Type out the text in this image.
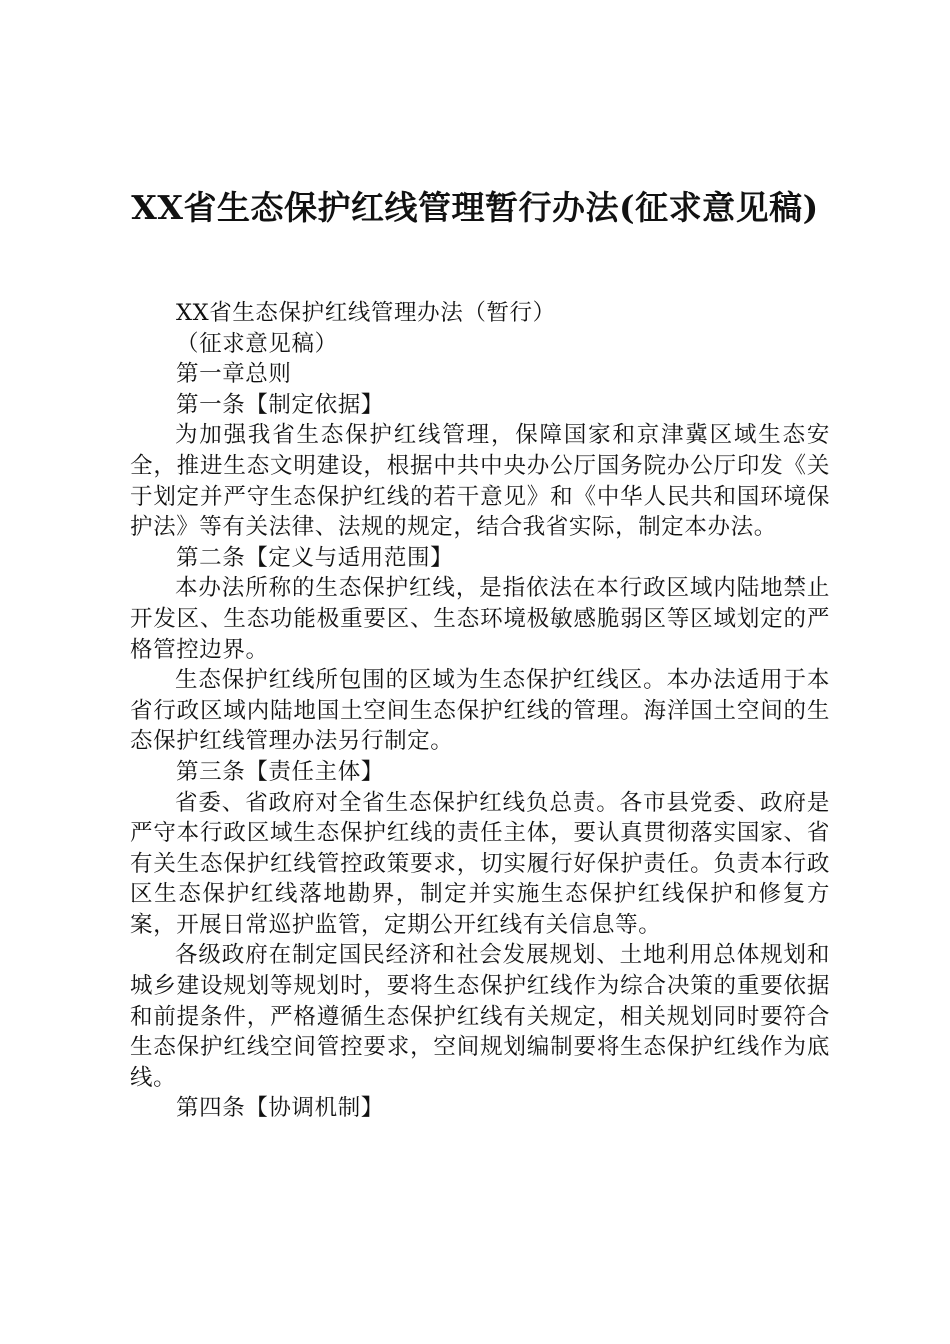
XX省生态保护红线管理暂行办法(征求意见稿)

XX省生态保护红线管理办法（暂行）

（征求意见稿）

第一章总则

第一条【制定依据】

为加强我省生态保护红线管理，保障国家和京津冀区域生态安全，推进生态文明建设，根据中共中央办公厅国务院办公厅印发《关于划定并严守生态保护红线的若干意见》和《中华人民共和国环境保护法》等有关法律、法规的规定，结合我省实际，制定本办法。

第二条【定义与适用范围】

本办法所称的生态保护红线，是指依法在本行政区域内陆地禁止开发区、生态功能极重要区、生态环境极敏感脆弱区等区域划定的严格管控边界。

生态保护红线所包围的区域为生态保护红线区。本办法适用于本省行政区域内陆地国土空间生态保护红线的管理。海洋国土空间的生态保护红线管理办法另行制定。

第三条【责任主体】

省委、省政府对全省生态保护红线负总责。各市县党委、政府是严守本行政区域生态保护红线的责任主体，要认真贯彻落实国家、省有关生态保护红线管控政策要求，切实履行好保护责任。负责本行政区生态保护红线落地勘界，制定并实施生态保护红线保护和修复方案，开展日常巡护监管，定期公开红线有关信息等。

各级政府在制定国民经济和社会发展规划、土地利用总体规划和城乡建设规划等规划时，要将生态保护红线作为综合决策的重要依据和前提条件，严格遵循生态保护红线有关规定，相关规划同时要符合生态保护红线空间管控要求，空间规划编制要将生态保护红线作为底线。

第四条【协调机制】
